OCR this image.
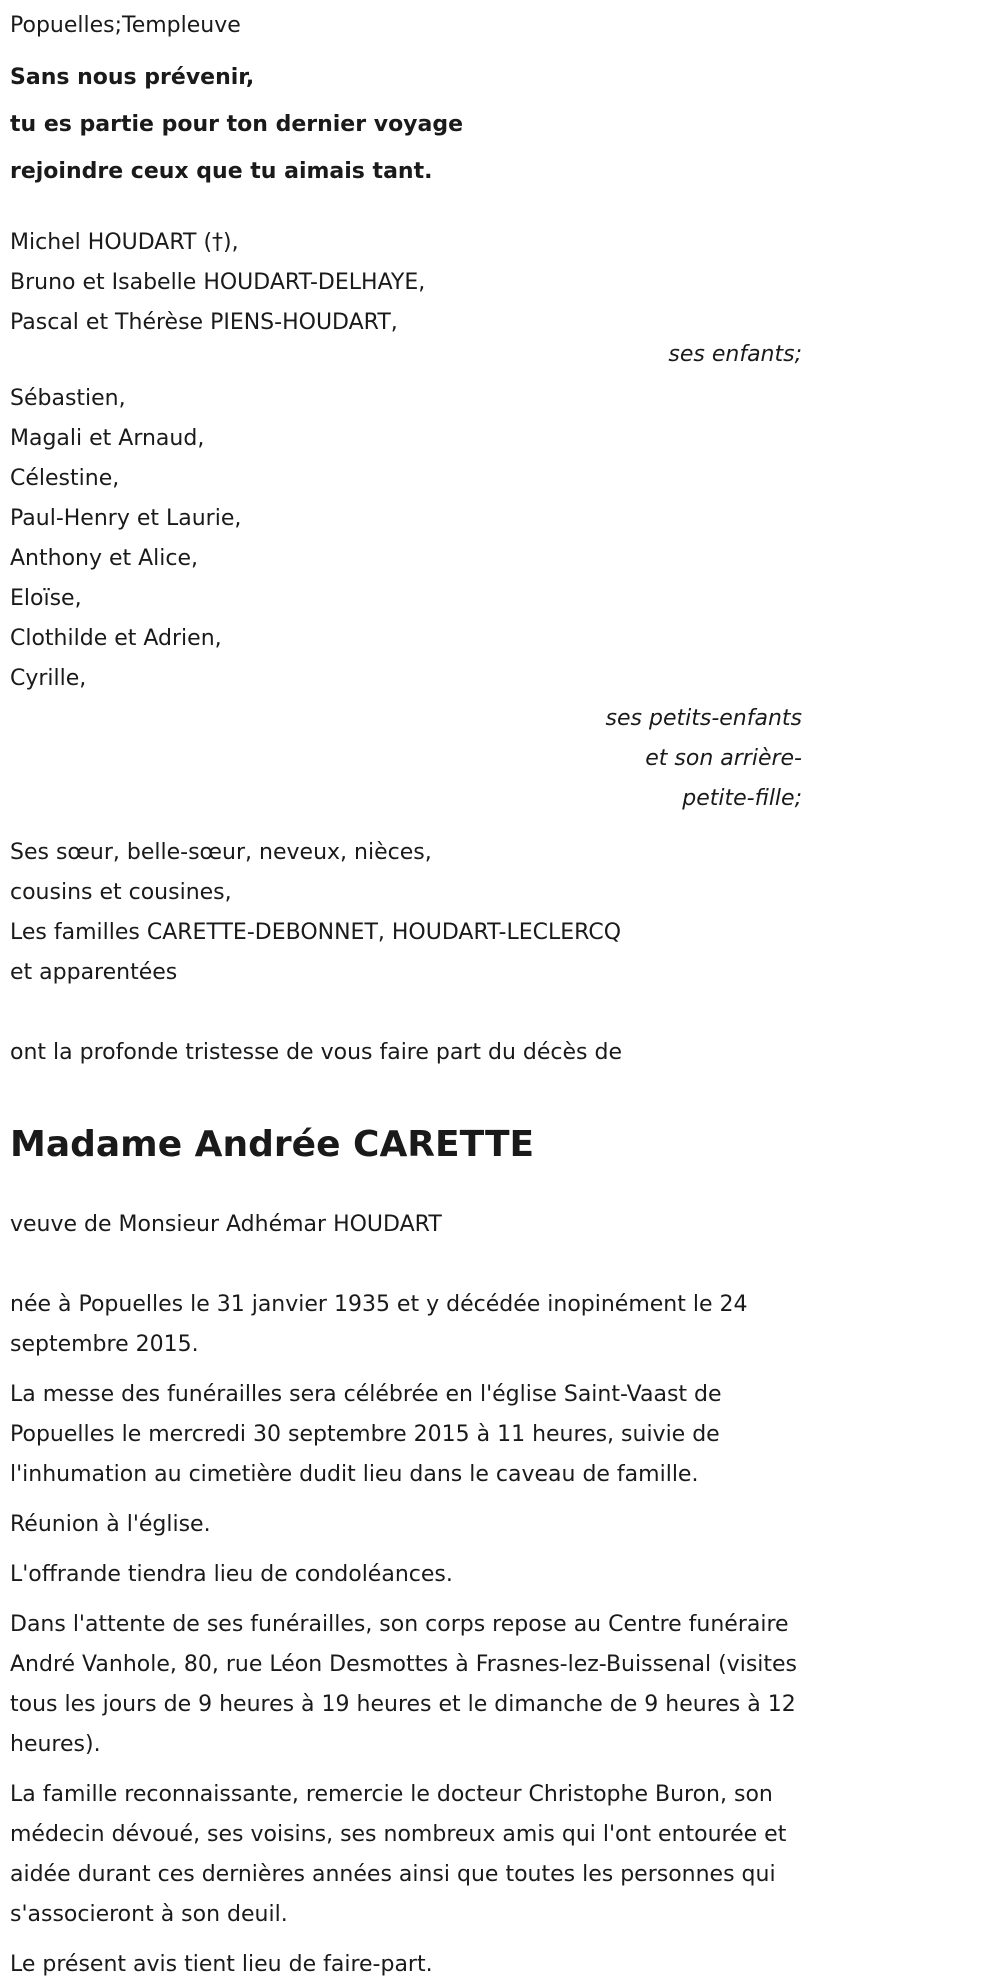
Popuelles;Templeuve
Sans nous prévenir,
tu es partie pour ton dernier voyage
rejoindre ceux que tu aimais tant.
Michel HOUDART (†),
Bruno et Isabelle HOUDART-DELHAYE,
Pascal et Thérèse PIENS-HOUDART,
ses enfants;
Sébastien,
Magali et Arnaud,
Célestine,
Paul-Henry et Laurie,
Anthony et Alice,
Eloïse,
Clothilde et Adrien,
Cyrille,
ses petits-enfants
et son arrière-
petite-fille;
Ses sœur, belle-sœur, neveux, nièces,
cousins et cousines,
Les familles CARETTE-DEBONNET, HOUDART-LECLERCQ
et apparentées
ont la profonde tristesse de vous faire part du décès de
Madame Andrée CARETTE
veuve de Monsieur Adhémar HOUDART

née à Popuelles le 31 janvier 1935 et y décédée inopinément le 24 septembre 2015.

La messe des funérailles sera célébrée en l'église Saint-Vaast de Popuelles le mercredi 30 septembre 2015 à 11 heures, suivie de l'inhumation au cimetière dudit lieu dans le caveau de famille.

Réunion à l'église.

L'offrande tiendra lieu de condoléances.

Dans l'attente de ses funérailles, son corps repose au Centre funéraire André Vanhole, 80, rue Léon Desmottes à Frasnes-lez-Buissenal (visites tous les jours de 9 heures à 19 heures et le dimanche de 9 heures à 12 heures).

La famille reconnaissante, remercie le docteur Christophe Buron, son médecin dévoué, ses voisins, ses nombreux amis qui l'ont entourée et aidée durant ces dernières années ainsi que toutes les personnes qui s'associeront à son deuil.

Le présent avis tient lieu de faire-part.
